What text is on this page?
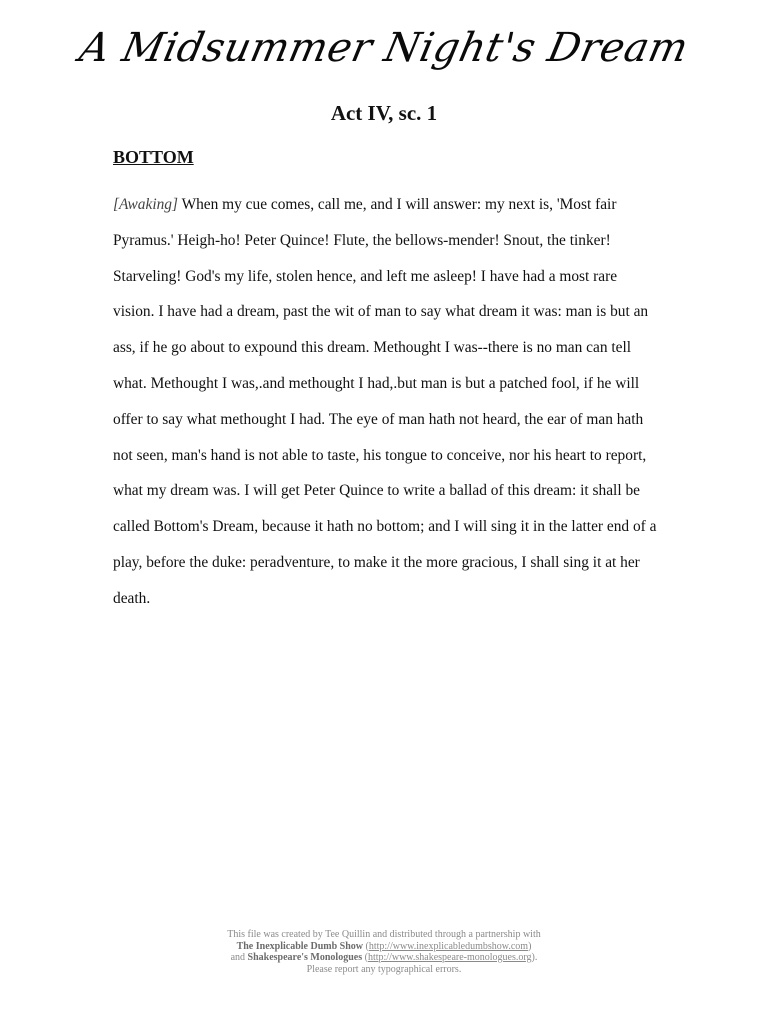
A Midsummer Night's Dream
Act IV, sc. 1
BOTTOM

[Awaking] When my cue comes, call me, and I will answer: my next is, 'Most fair Pyramus.' Heigh-ho! Peter Quince! Flute, the bellows-mender! Snout, the tinker! Starveling! God's my life, stolen hence, and left me asleep! I have had a most rare vision. I have had a dream, past the wit of man to say what dream it was: man is but an ass, if he go about to expound this dream. Methought I was--there is no man can tell what. Methought I was,.and methought I had,.but man is but a patched fool, if he will offer to say what methought I had. The eye of man hath not heard, the ear of man hath not seen, man's hand is not able to taste, his tongue to conceive, nor his heart to report, what my dream was. I will get Peter Quince to write a ballad of this dream: it shall be called Bottom's Dream, because it hath no bottom; and I will sing it in the latter end of a play, before the duke: peradventure, to make it the more gracious, I shall sing it at her death.

This file was created by Tee Quillin and distributed through a partnership with
The Inexplicable Dumb Show (http://www.inexplicabledumbshow.com)
and Shakespeare's Monologues (http://www.shakespeare-monologues.org).
Please report any typographical errors.
